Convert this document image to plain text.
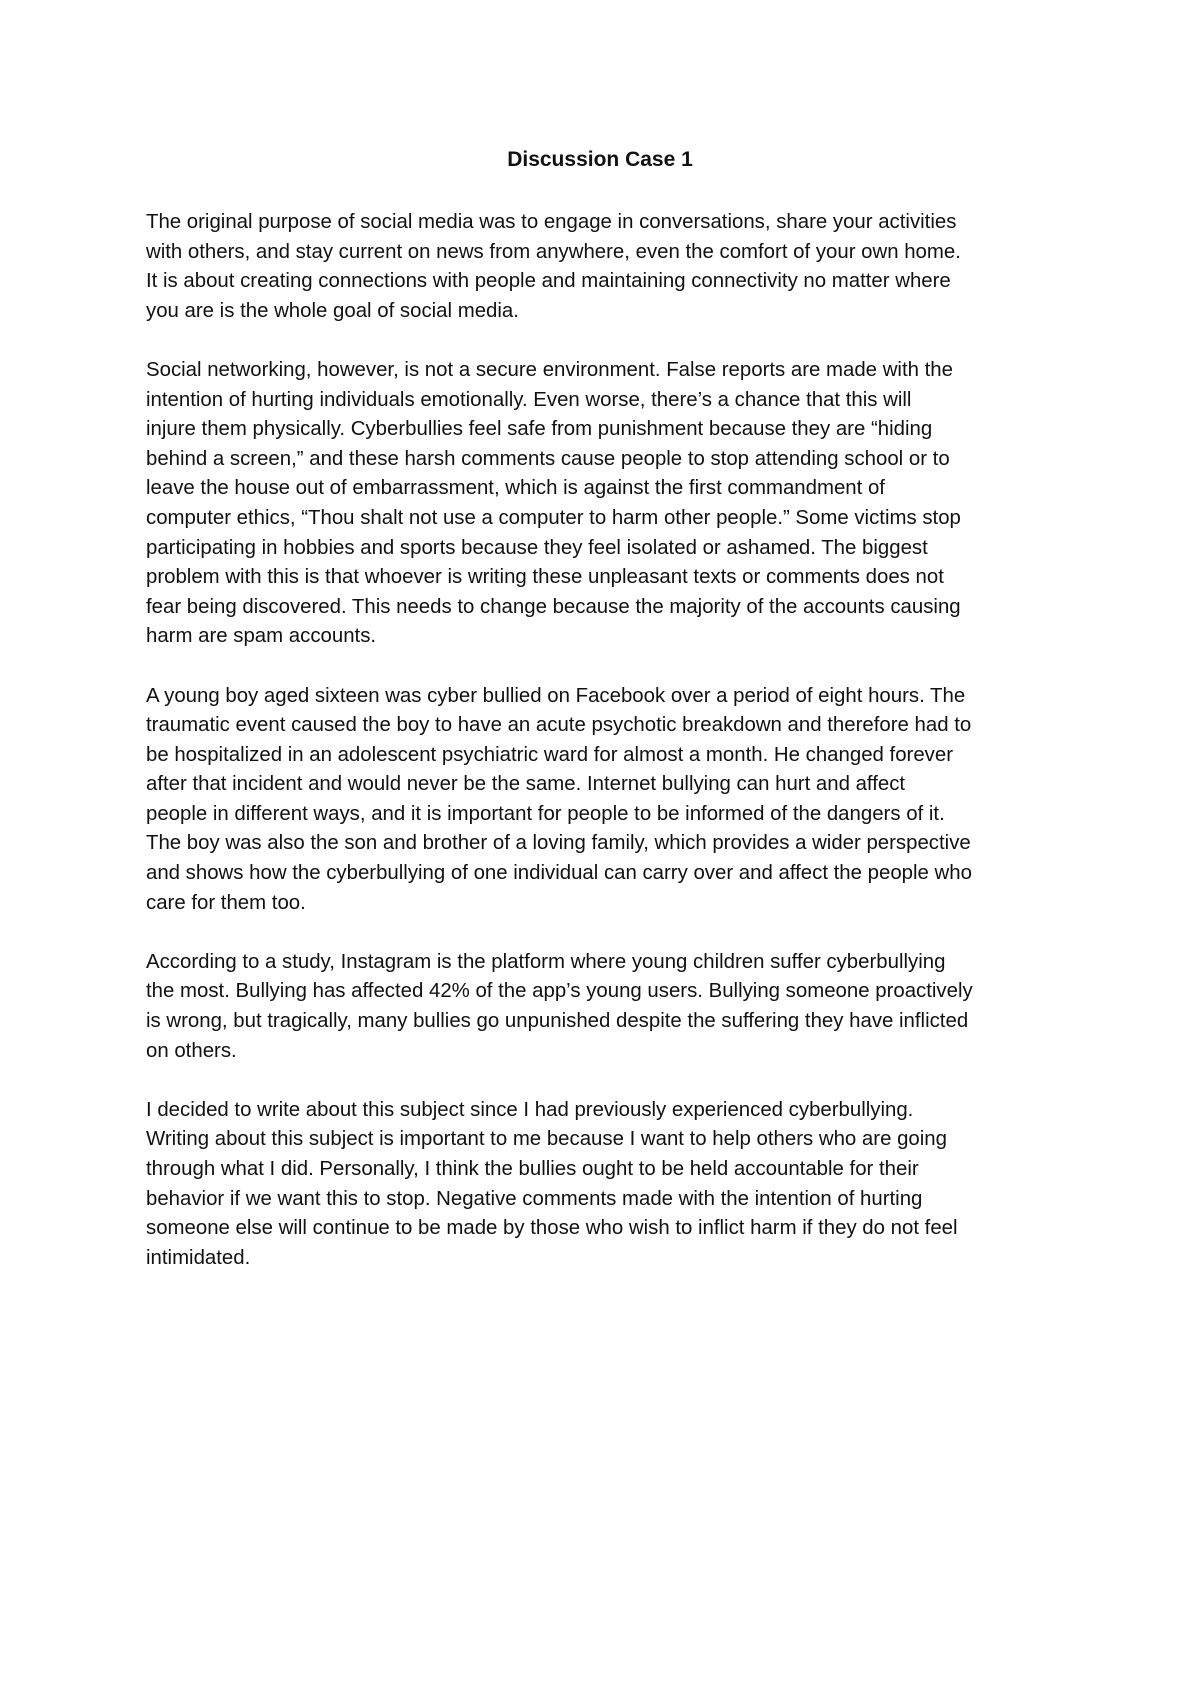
Discussion Case 1

The original purpose of social media was to engage in conversations, share your activities
with others, and stay current on news from anywhere, even the comfort of your own home.
It is about creating connections with people and maintaining connectivity no matter where
you are is the whole goal of social media.

Social networking, however, is not a secure environment. False reports are made with the
intention of hurting individuals emotionally. Even worse, there’s a chance that this will
injure them physically. Cyberbullies feel safe from punishment because they are “hiding
behind a screen,” and these harsh comments cause people to stop attending school or to
leave the house out of embarrassment, which is against the first commandment of
computer ethics, “Thou shalt not use a computer to harm other people.” Some victims stop
participating in hobbies and sports because they feel isolated or ashamed. The biggest
problem with this is that whoever is writing these unpleasant texts or comments does not
fear being discovered. This needs to change because the majority of the accounts causing
harm are spam accounts.

A young boy aged sixteen was cyber bullied on Facebook over a period of eight hours. The
traumatic event caused the boy to have an acute psychotic breakdown and therefore had to
be hospitalized in an adolescent psychiatric ward for almost a month. He changed forever
after that incident and would never be the same. Internet bullying can hurt and affect
people in different ways, and it is important for people to be informed of the dangers of it.
The boy was also the son and brother of a loving family, which provides a wider perspective
and shows how the cyberbullying of one individual can carry over and affect the people who
care for them too.

According to a study, Instagram is the platform where young children suffer cyberbullying
the most. Bullying has affected 42% of the app’s young users. Bullying someone proactively
is wrong, but tragically, many bullies go unpunished despite the suffering they have inflicted
on others.

I decided to write about this subject since I had previously experienced cyberbullying.
Writing about this subject is important to me because I want to help others who are going
through what I did. Personally, I think the bullies ought to be held accountable for their
behavior if we want this to stop. Negative comments made with the intention of hurting
someone else will continue to be made by those who wish to inflict harm if they do not feel
intimidated.
